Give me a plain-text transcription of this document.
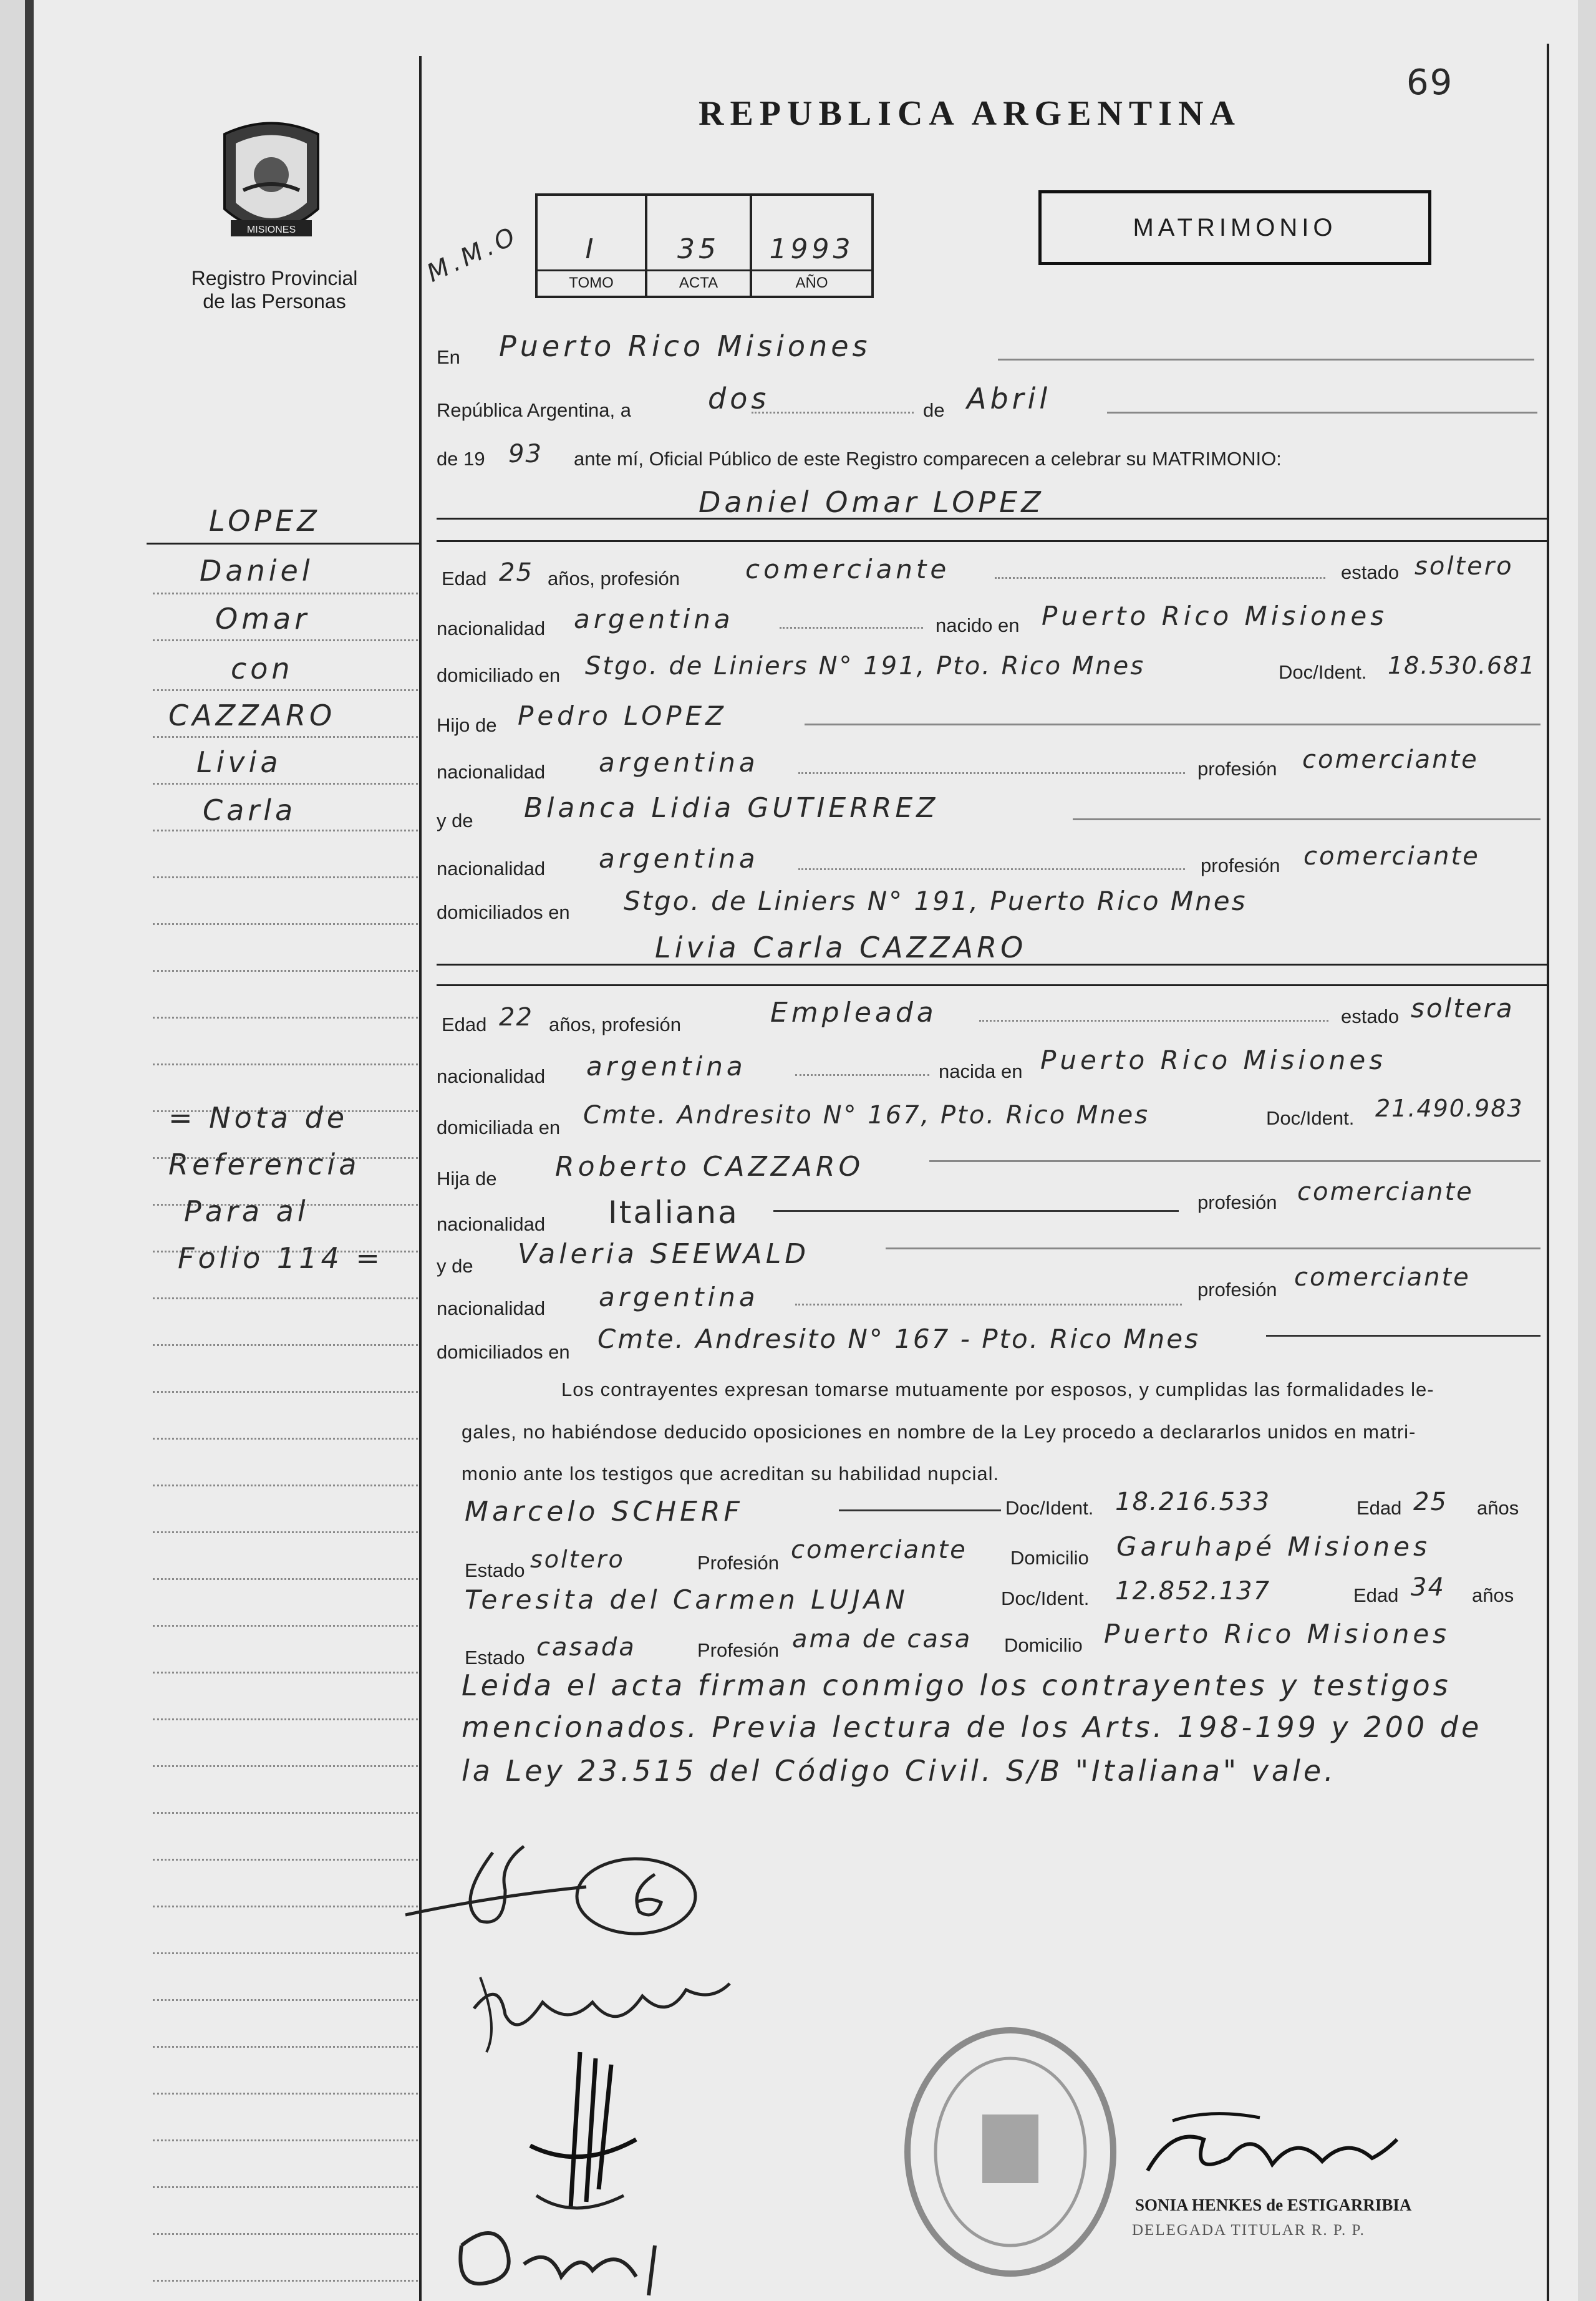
MISIONES
Registro Provincial
de las Personas
REPUBLICA ARGENTINA
69
M.M.O	I	35	1993
TOMO	ACTA	AÑO
MATRIMONIO
LOPEZ
Daniel
Omar
con
CAZZARO
Livia
Carla
= Nota de
Referencia
Para al
Folio 114 =
En Puerto Rico Misiones
República Argentina, a	dos	de Abril
de 19 93 ante mí, Oficial Público de este Registro comparecen a celebrar su MATRIMONIO:
Daniel Omar LOPEZ
Edad 25 años, profesión	comerciante	estado soltero
nacionalidad argentina	nacido en Puerto Rico Misiones
domiciliado en Stgo. de Liniers N° 191, Pto. Rico Mnes	Doc/Ident. 18.530.681
Hijo de Pedro LOPEZ
nacionalidad argentina	profesión comerciante
y de Blanca Lidia GUTIERREZ
nacionalidad argentina	profesión comerciante
domiciliados en Stgo. de Liniers N° 191, Puerto Rico Mnes
Livia Carla CAZZARO
Edad 22 años, profesión	Empleada	estado soltera
nacionalidad argentina	nacida en Puerto Rico Misiones
domiciliada en Cmte. Andresito N° 167, Pto. Rico Mnes	Doc/Ident. 21.490.983
Hija de Roberto CAZZARO
nacionalidad Italiana	profesión comerciante
y de Valeria SEEWALD
nacionalidad argentina	profesión comerciante
domiciliados en Cmte. Andresito N° 167 - Pto. Rico Mnes
Los contrayentes expresan tomarse mutuamente por esposos, y cumplidas las formalidades le-
gales, no habiéndose deducido oposiciones en nombre de la Ley procedo a declararlos unidos en matri-
monio ante los testigos que acreditan su habilidad nupcial.
Marcelo SCHERF	Doc/Ident. 18.216.533	Edad 25 años
Estado soltero	Profesión comerciante Domicilio Garuhapé Misiones
Teresita del Carmen LUJAN	Doc/Ident. 12.852.137	Edad 34 años
Estado casada	Profesión ama de casa Domicilio Puerto Rico Misiones
Leida el acta firman conmigo los contrayentes y testigos
mencionados. Previa lectura de los Arts. 198-199 y 200 de
la Ley 23.515 del Código Civil. S/B "Italiana" vale.
SONIA HENKES de ESTIGARRIBIA
DELEGADA TITULAR R. P. P.
